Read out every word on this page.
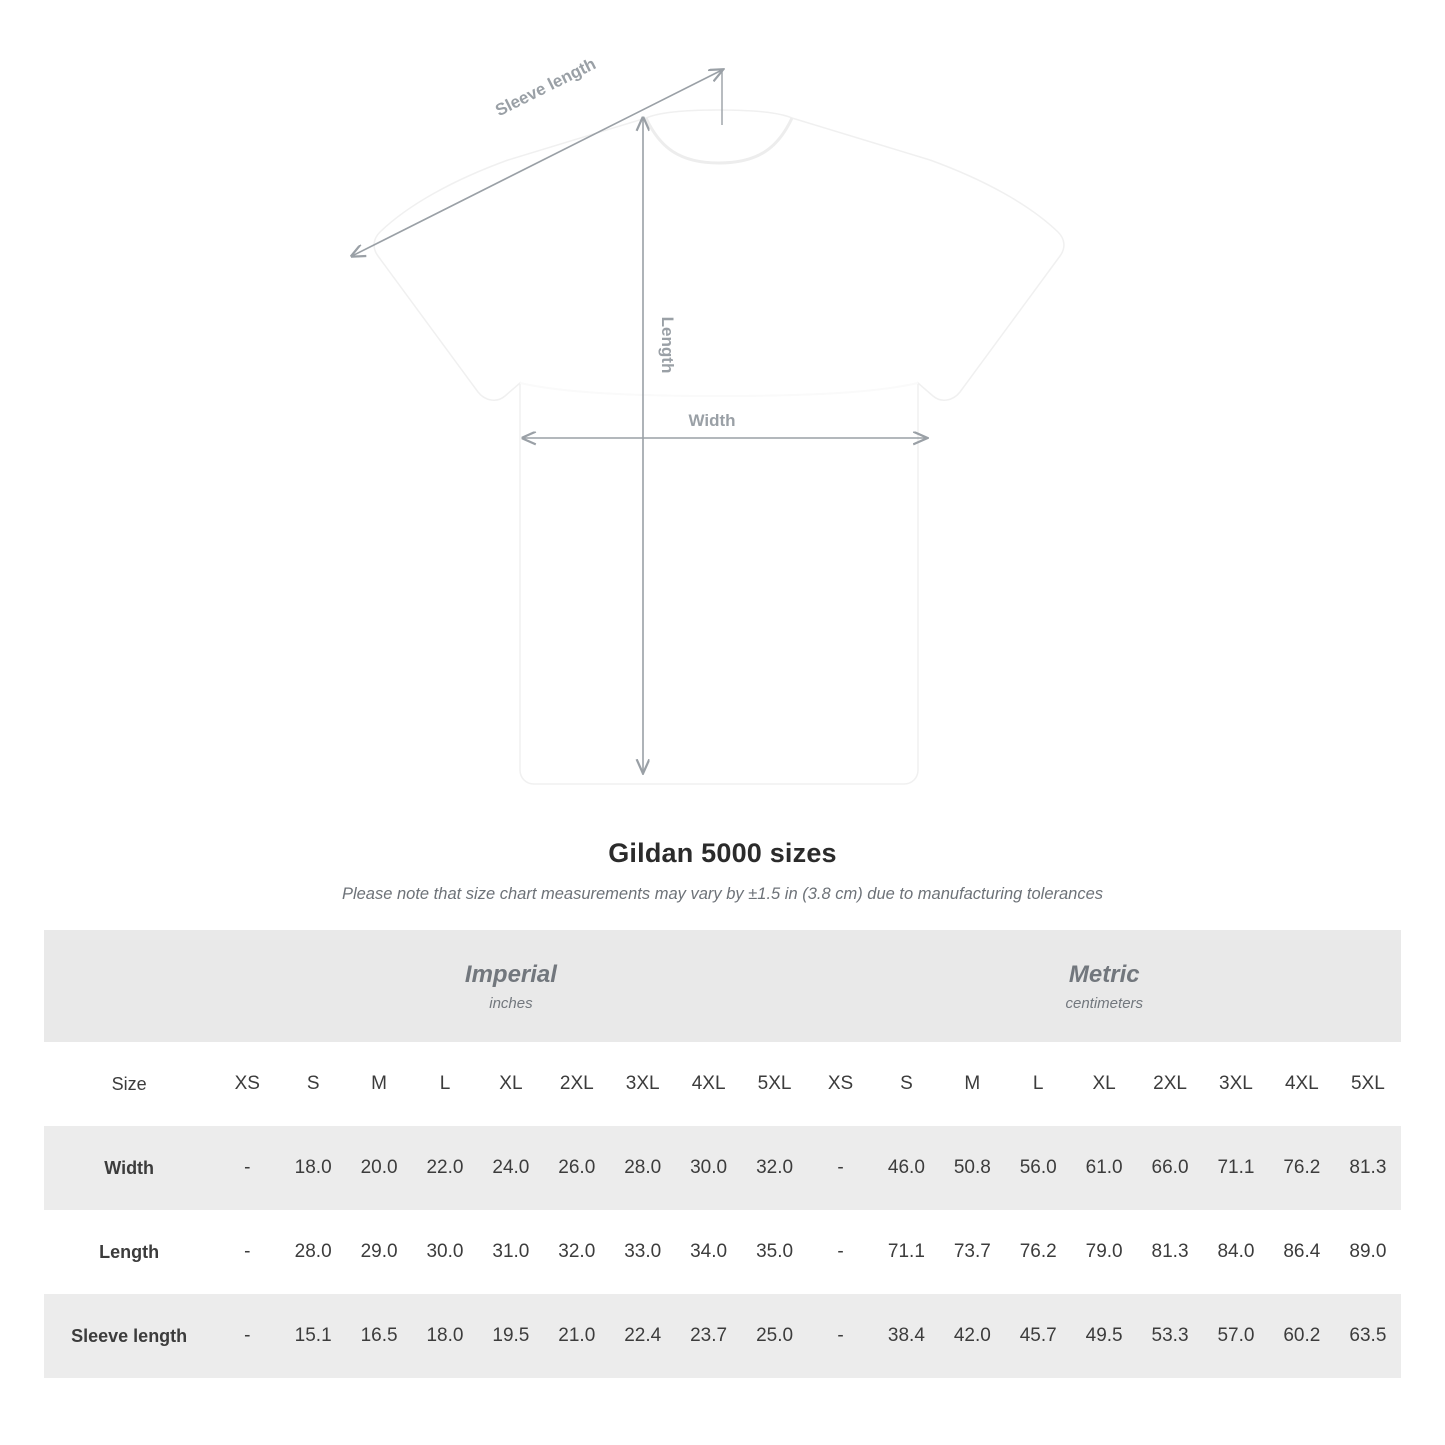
Length
Width
Sleeve length
Gildan 5000 sizes
Please note that size chart measurements may vary by ±1.5 in (3.8 cm) due to manufacturing tolerances

Imperial
inches

Metric
centimeters

Size	XS	S	M	L	XL	2XL	3XL	4XL	5XL	XS	S	M	L	XL	2XL	3XL	4XL	5XL
Width	-	18.0	20.0	22.0	24.0	26.0	28.0	30.0	32.0	-	46.0	50.8	56.0	61.0	66.0	71.1	76.2	81.3
Length	-	28.0	29.0	30.0	31.0	32.0	33.0	34.0	35.0	-	71.1	73.7	76.2	79.0	81.3	84.0	86.4	89.0
Sleeve length	-	15.1	16.5	18.0	19.5	21.0	22.4	23.7	25.0	-	38.4	42.0	45.7	49.5	53.3	57.0	60.2	63.5
